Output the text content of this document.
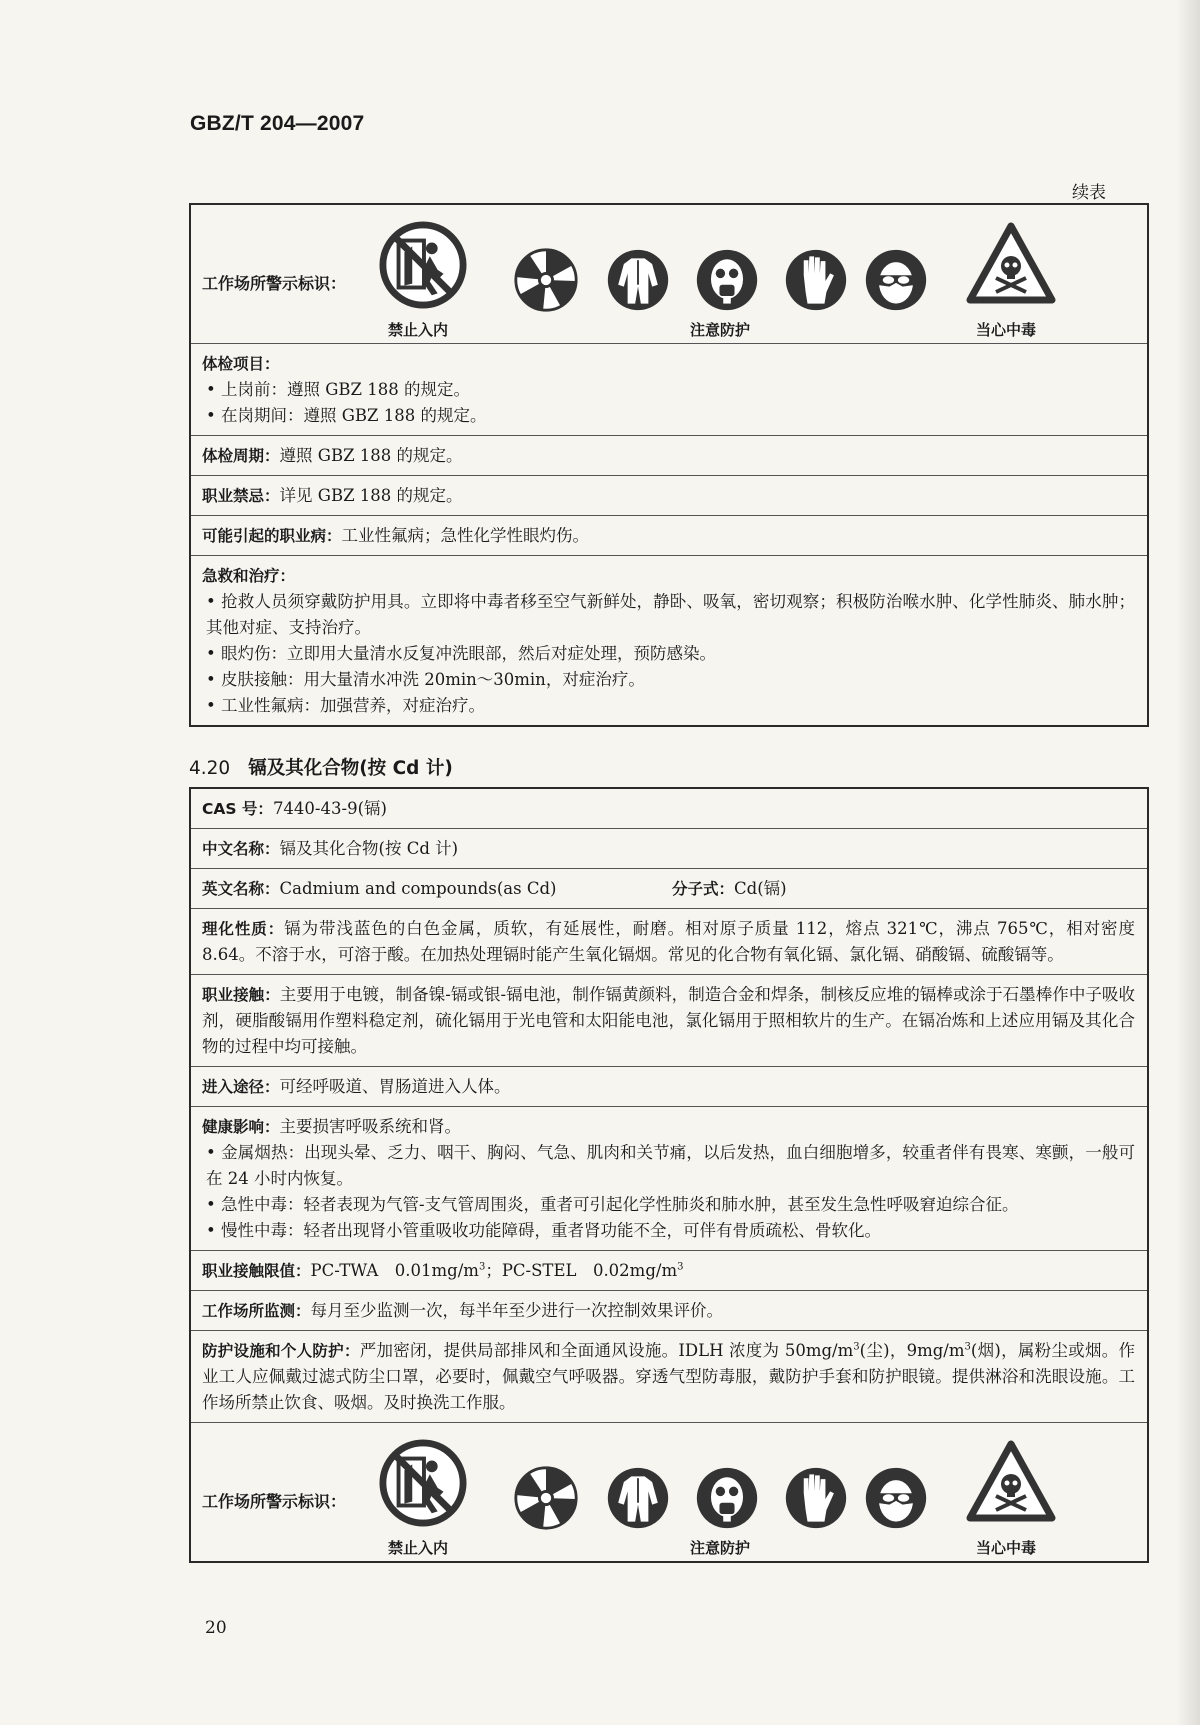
GBZ/T 204—2007
续表
工作场所警示标识：
禁止入内	注意防护	当心中毒
体检项目：
• 上岗前：遵照 GBZ 188 的规定。
• 在岗期间：遵照 GBZ 188 的规定。
体检周期：遵照 GBZ 188 的规定。
职业禁忌：详见 GBZ 188 的规定。
可能引起的职业病：工业性氟病；急性化学性眼灼伤。
急救和治疗：
• 抢救人员须穿戴防护用具。立即将中毒者移至空气新鲜处，静卧、吸氧，密切观察；积极防治喉水肿、化学性肺炎、肺水肿；其他对症、支持治疗。
• 眼灼伤：立即用大量清水反复冲洗眼部，然后对症处理，预防感染。
• 皮肤接触：用大量清水冲洗 20min～30min，对症治疗。
• 工业性氟病：加强营养，对症治疗。
4.20 镉及其化合物(按 Cd 计)
CAS 号：7440-43-9(镉)
中文名称：镉及其化合物(按 Cd 计)
英文名称：Cadmium and compounds(as Cd)	分子式：Cd(镉)
理化性质：镉为带浅蓝色的白色金属，质软，有延展性，耐磨。相对原子质量 112，熔点 321℃，沸点 765℃，相对密度 8.64。不溶于水，可溶于酸。在加热处理镉时能产生氧化镉烟。常见的化合物有氧化镉、氯化镉、硝酸镉、硫酸镉等。
职业接触：主要用于电镀，制备镍-镉或银-镉电池，制作镉黄颜料，制造合金和焊条，制核反应堆的镉棒或涂于石墨棒作中子吸收剂，硬脂酸镉用作塑料稳定剂，硫化镉用于光电管和太阳能电池，氯化镉用于照相软片的生产。在镉冶炼和上述应用镉及其化合物的过程中均可接触。
进入途径：可经呼吸道、胃肠道进入人体。
健康影响：主要损害呼吸系统和肾。
• 金属烟热：出现头晕、乏力、咽干、胸闷、气急、肌肉和关节痛，以后发热，血白细胞增多，较重者伴有畏寒、寒颤，一般可在 24 小时内恢复。
• 急性中毒：轻者表现为气管-支气管周围炎，重者可引起化学性肺炎和肺水肿，甚至发生急性呼吸窘迫综合征。
• 慢性中毒：轻者出现肾小管重吸收功能障碍，重者肾功能不全，可伴有骨质疏松、骨软化。
职业接触限值：PC-TWA　$0.01mg/m^3$；PC-STEL　$0.02mg/m^3$
工作场所监测：每月至少监测一次，每半年至少进行一次控制效果评价。
防护设施和个人防护：严加密闭，提供局部排风和全面通风设施。IDLH 浓度为 $50mg/m^3$(尘)，$9mg/m^3$(烟)，属粉尘或烟。作业工人应佩戴过滤式防尘口罩，必要时，佩戴空气呼吸器。穿透气型防毒服，戴防护手套和防护眼镜。提供淋浴和洗眼设施。工作场所禁止饮食、吸烟。及时换洗工作服。
工作场所警示标识：
禁止入内	注意防护	当心中毒
20
